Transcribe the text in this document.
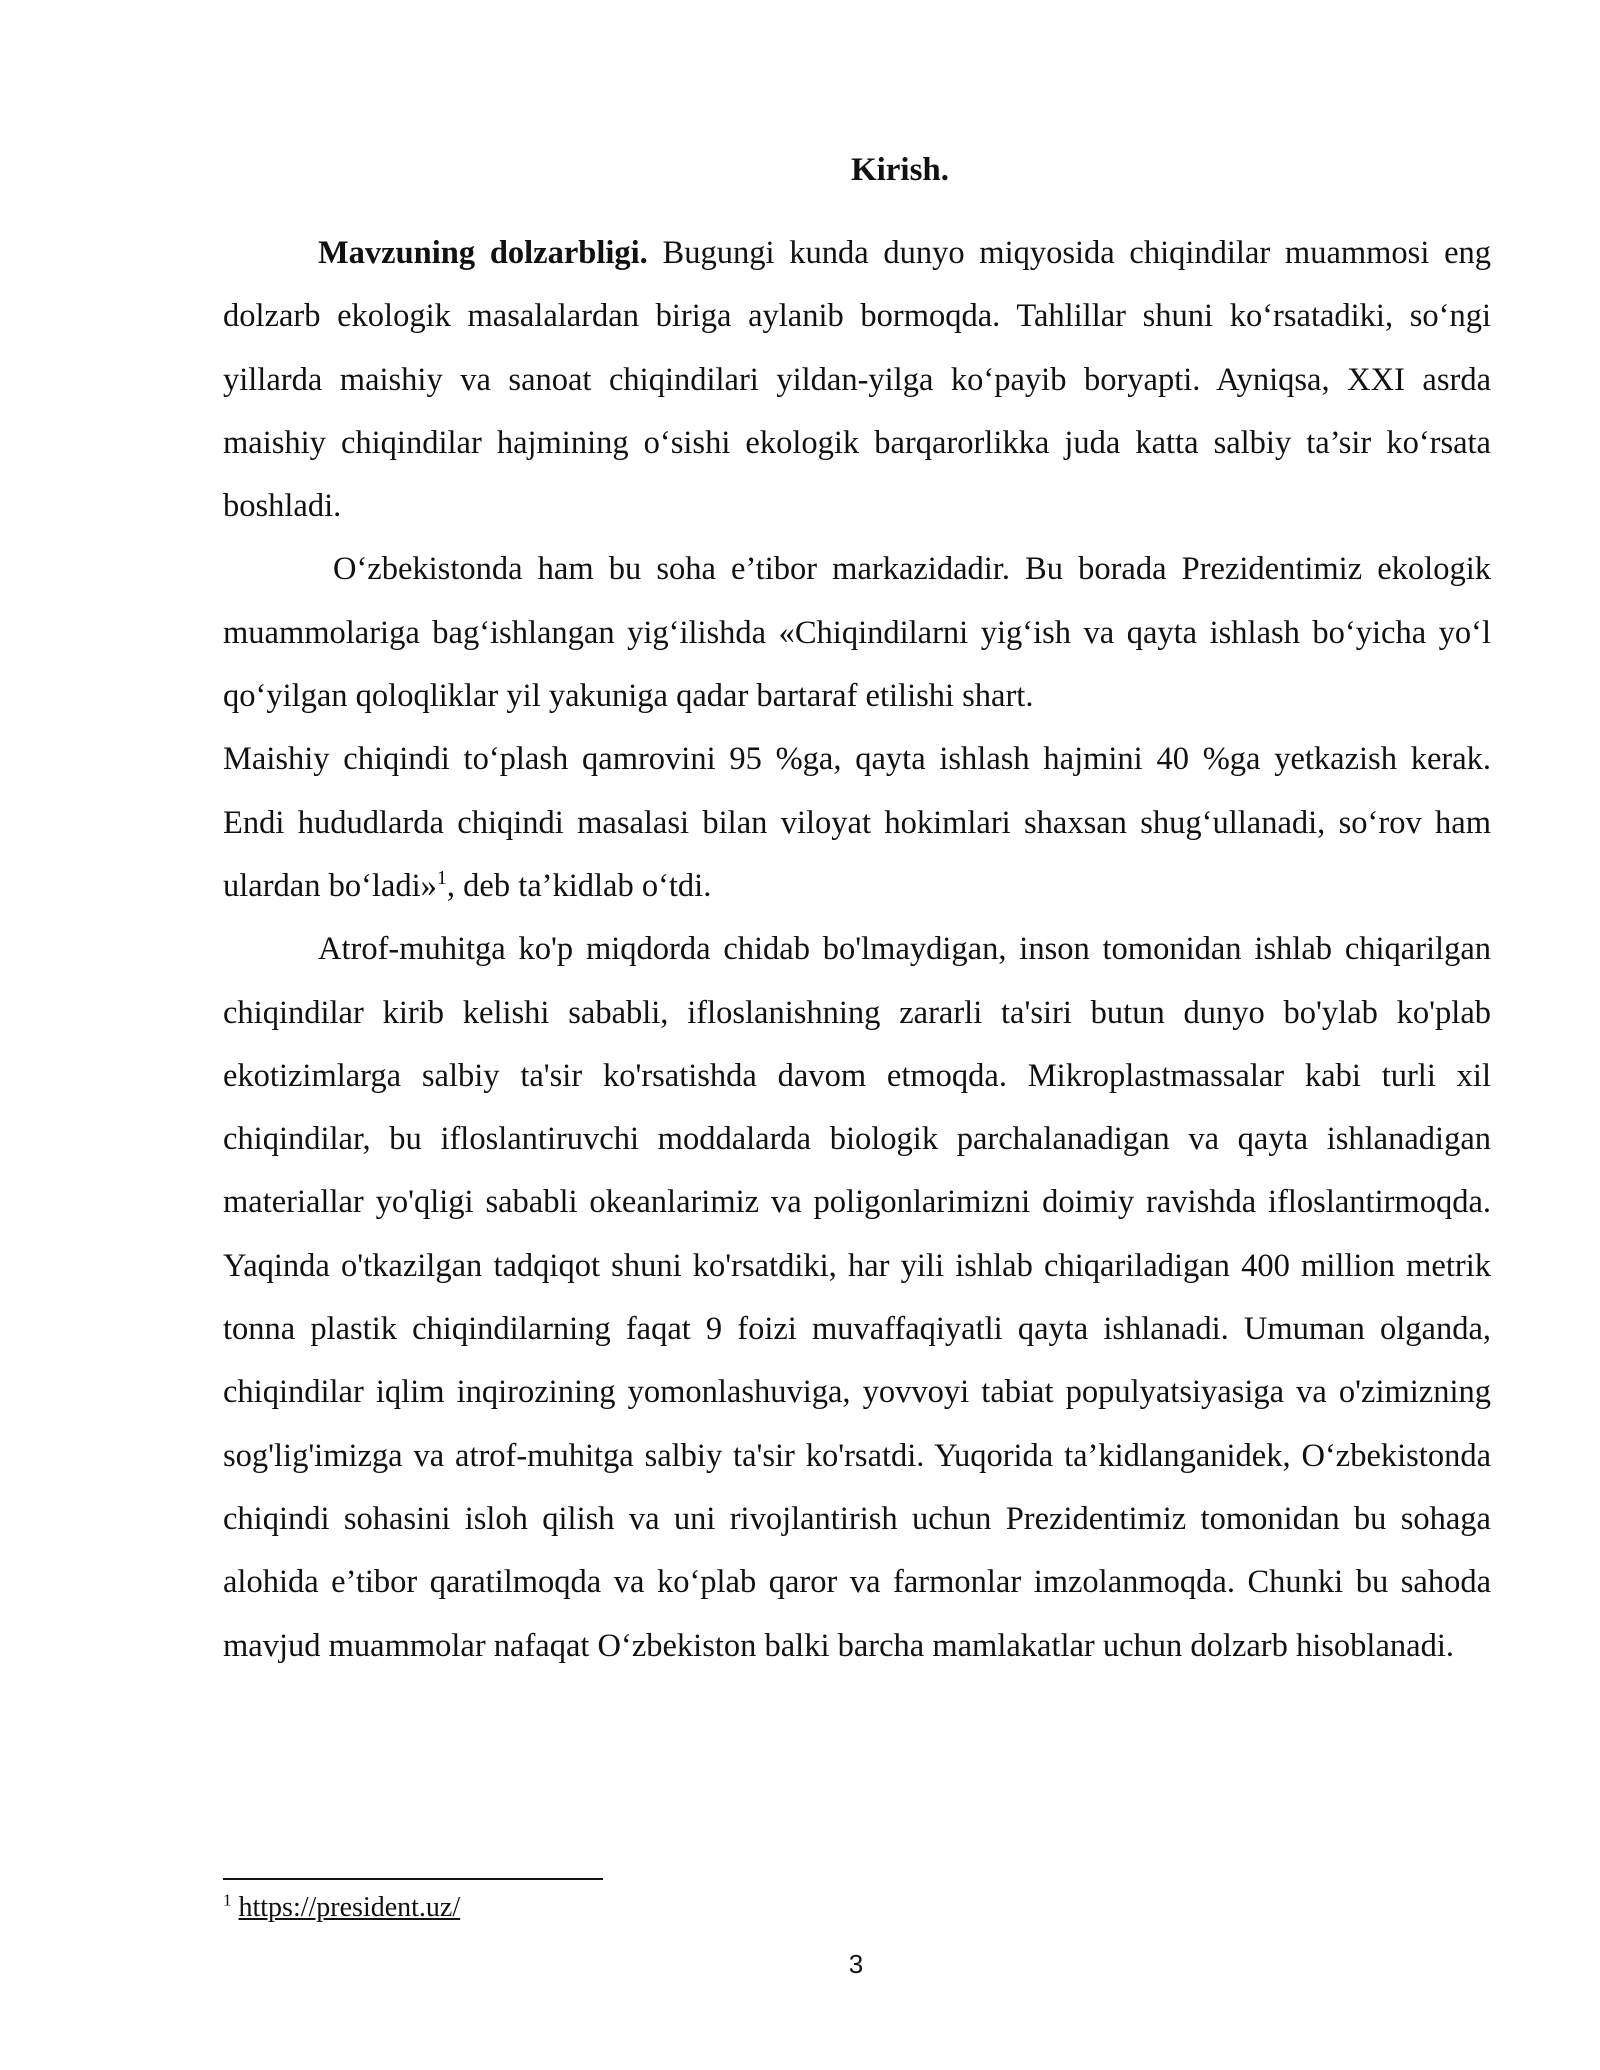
Kirish.

Mavzuning dolzarbligi. Bugungi kunda dunyo miqyosida chiqindilar muammosi eng dolzarb ekologik masalalardan biriga aylanib bormoqda. Tahlillar shuni ko‘rsatadiki, so‘ngi yillarda maishiy va sanoat chiqindilari yildan-yilga ko‘payib boryapti. Ayniqsa, XXI asrda maishiy chiqindilar hajmining o‘sishi ekologik barqarorlikka juda katta salbiy ta’sir ko‘rsata boshladi.

O‘zbekistonda ham bu soha e’tibor markazidadir. Bu borada Prezidentimiz ekologik muammolariga bag‘ishlangan yig‘ilishda «Chiqindilarni yig‘ish va qayta ishlash bo‘yicha yo‘l qo‘yilgan qoloqliklar yil yakuniga qadar bartaraf etilishi shart.

Maishiy chiqindi to‘plash qamrovini 95 %ga, qayta ishlash hajmini 40 %ga yetkazish kerak. Endi hududlarda chiqindi masalasi bilan viloyat hokimlari shaxsan shug‘ullanadi, so‘rov ham ulardan bo‘ladi»$^1$, deb ta’kidlab o‘tdi.

Atrof-muhitga ko'p miqdorda chidab bo'lmaydigan, inson tomonidan ishlab chiqarilgan chiqindilar kirib kelishi sababli, ifloslanishning zararli ta'siri butun dunyo bo'ylab ko'plab ekotizimlarga salbiy ta'sir ko'rsatishda davom etmoqda. Mikroplastmassalar kabi turli xil chiqindilar, bu ifloslantiruvchi moddalarda biologik parchalanadigan va qayta ishlanadigan materiallar yo'qligi sababli okeanlarimiz va poligonlarimizni doimiy ravishda ifloslantirmoqda. Yaqinda o'tkazilgan tadqiqot shuni ko'rsatdiki, har yili ishlab chiqariladigan 400 million metrik tonna plastik chiqindilarning faqat 9 foizi muvaffaqiyatli qayta ishlanadi. Umuman olganda, chiqindilar iqlim inqirozining yomonlashuviga, yovvoyi tabiat populyatsiyasiga va o'zimizning sog'lig'imizga va atrof-muhitga salbiy ta'sir ko'rsatdi. Yuqorida ta’kidlanganidek, O‘zbekistonda chiqindi sohasini isloh qilish va uni rivojlantirish uchun Prezidentimiz tomonidan bu sohaga alohida e’tibor qaratilmoqda va ko‘plab qaror va farmonlar imzolanmoqda. Chunki bu sahoda mavjud muammolar nafaqat O‘zbekiston balki barcha mamlakatlar uchun dolzarb hisoblanadi.

$^1$ https://president.uz/
3
